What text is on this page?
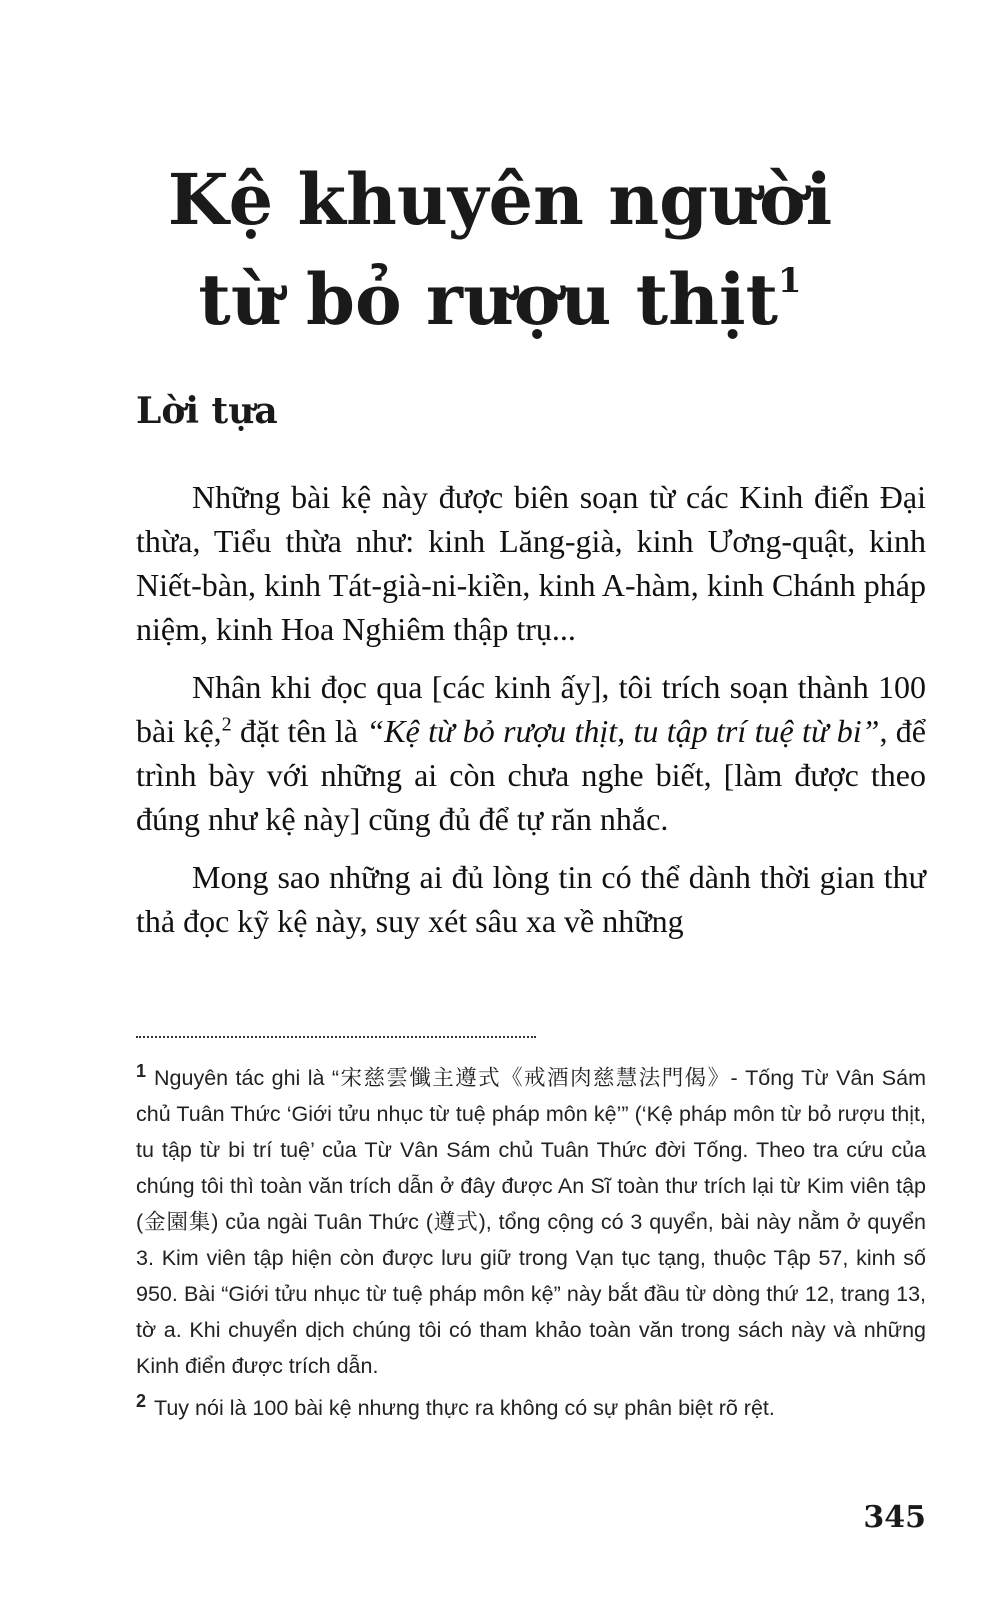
Kệ khuyên người
từ bỏ rượu thịt$^1$
Lời tựa

Những bài kệ này được biên soạn từ các Kinh điển Đại thừa, Tiểu thừa như: kinh Lăng-già, kinh Ương-quật, kinh Niết-bàn, kinh Tát-già-ni-kiền, kinh A-hàm, kinh Chánh pháp niệm, kinh Hoa Nghiêm thập trụ...

Nhân khi đọc qua [các kinh ấy], tôi trích soạn thành 100 bài kệ,$^2$ đặt tên là “Kệ từ bỏ rượu thịt, tu tập trí tuệ từ bi”, để trình bày với những ai còn chưa nghe biết, [làm được theo đúng như kệ này] cũng đủ để tự răn nhắc.

Mong sao những ai đủ lòng tin có thể dành thời gian thư thả đọc kỹ kệ này, suy xét sâu xa về những

$^1$ Nguyên tác ghi là “宋慈雲懺主遵式《戒酒肉慈慧法門偈》- Tống Từ Vân Sám chủ Tuân Thức ‘Giới tửu nhục từ tuệ pháp môn kệ’” (‘Kệ pháp môn từ bỏ rượu thịt, tu tập từ bi trí tuệ’ của Từ Vân Sám chủ Tuân Thức đời Tống. Theo tra cứu của chúng tôi thì toàn văn trích dẫn ở đây được An Sĩ toàn thư trích lại từ Kim viên tập (金園集) của ngài Tuân Thức (遵式), tổng cộng có 3 quyển, bài này nằm ở quyển 3. Kim viên tập hiện còn được lưu giữ trong Vạn tục tạng, thuộc Tập 57, kinh số 950. Bài “Giới tửu nhục từ tuệ pháp môn kệ” này bắt đầu từ dòng thứ 12, trang 13, tờ a. Khi chuyển dịch chúng tôi có tham khảo toàn văn trong sách này và những Kinh điển được trích dẫn.

$^2$ Tuy nói là 100 bài kệ nhưng thực ra không có sự phân biệt rõ rệt.

345
